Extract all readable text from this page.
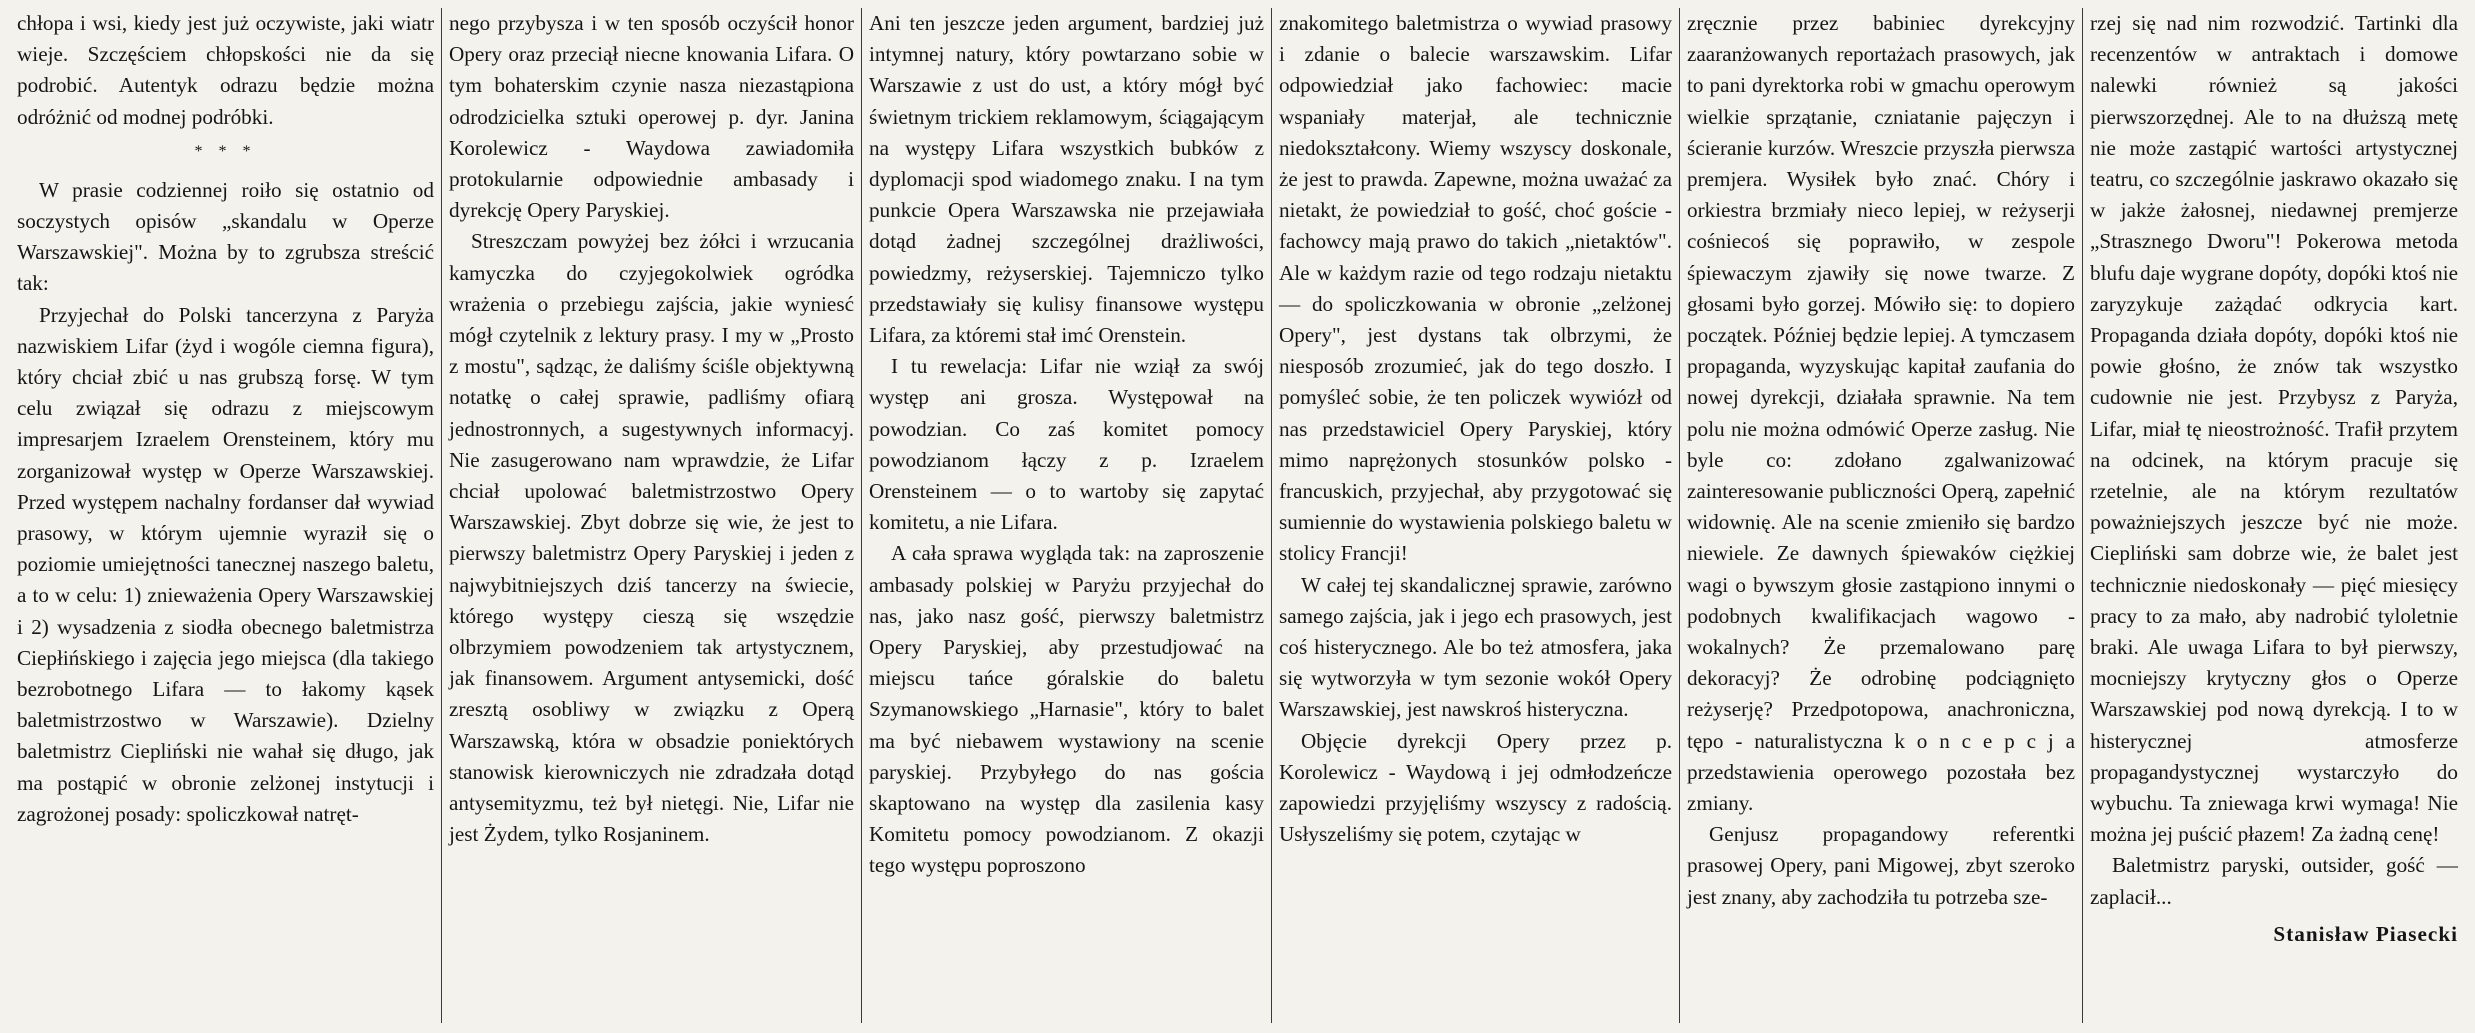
chłopa i wsi, kiedy jest już oczywiste, jaki wiatr wieje. Szczęściem chłopskości nie da się podrobić. Autentyk odrazu będzie można odróżnić od modnej podróbki.

* * *

W prasie codziennej roiło się ostatnio od soczystych opisów „skandalu w Operze Warszawskiej". Można by to zgrubsza streścić tak:

Przyjechał do Polski tancerzyna z Paryża nazwiskiem Lifar (żyd i wogóle ciemna figura), który chciał zbić u nas grubszą forsę. W tym celu związał się odrazu z miejscowym impresarjem Izraelem Orensteinem, który mu zorganizował występ w Operze Warszawskiej. Przed występem nachalny fordanser dał wywiad prasowy, w którym ujemnie wyraził się o poziomie umiejętności tanecznej naszego baletu, a to w celu: 1) znieważenia Opery Warszawskiej i 2) wysadzenia z siodła obecnego baletmistrza Ciepłińskiego i zajęcia jego miejsca (dla takiego bezrobotnego Lifara — to łakomy kąsek baletmistrzostwo w Warszawie). Dzielny baletmistrz Ciepliński nie wahał się długo, jak ma postąpić w obronie zelżonej instytucji i zagrożonej posady: spoliczkował natręt-

nego przybysza i w ten sposób oczyścił honor Opery oraz przeciął niecne knowania Lifara. O tym bohaterskim czynie nasza niezastąpiona odrodzicielka sztuki operowej p. dyr. Janina Korolewicz - Waydowa zawiadomiła protokularnie odpowiednie ambasady i dyrekcję Opery Paryskiej.

Streszczam powyżej bez żółci i wrzucania kamyczka do czyjegokolwiek ogródka wrażenia o przebiegu zajścia, jakie wyniesć mógł czytelnik z lektury prasy. I my w „Prosto z mostu", sądząc, że daliśmy ściśle objektywną notatkę o całej sprawie, padliśmy ofiarą jednostronnych, a sugestywnych informacyj. Nie zasugerowano nam wprawdzie, że Lifar chciał upolować baletmistrzostwo Opery Warszawskiej. Zbyt dobrze się wie, że jest to pierwszy baletmistrz Opery Paryskiej i jeden z najwybitniejszych dziś tancerzy na świecie, którego występy cieszą się wszędzie olbrzymiem powodzeniem tak artystycznem, jak finansowem. Argument antysemicki, dość zresztą osobliwy w związku z Operą Warszawską, która w obsadzie poniektórych stanowisk kierowniczych nie zdradzała dotąd antysemityzmu, też był nietęgi. Nie, Lifar nie jest Żydem, tylko Rosjaninem.

Ani ten jeszcze jeden argument, bardziej już intymnej natury, który powtarzano sobie w Warszawie z ust do ust, a który mógł być świetnym trickiem reklamowym, ściągającym na występy Lifara wszystkich bubków z dyplomacji spod wiadomego znaku. I na tym punkcie Opera Warszawska nie przejawiała dotąd żadnej szczególnej drażliwości, powiedzmy, reżyserskiej. Tajemniczo tylko przedstawiały się kulisy finansowe występu Lifara, za któremi stał imć Orenstein.

I tu rewelacja: Lifar nie wziął za swój występ ani grosza. Występował na powodzian. Co zaś komitet pomocy powodzianom łączy z p. Izraelem Orensteinem — o to wartoby się zapytać komitetu, a nie Lifara.

A cała sprawa wygląda tak: na zaproszenie ambasady polskiej w Paryżu przyjechał do nas, jako nasz gość, pierwszy baletmistrz Opery Paryskiej, aby przestudjować na miejscu tańce góralskie do baletu Szymanowskiego „Harnasie", który to balet ma być niebawem wystawiony na scenie paryskiej. Przybyłego do nas gościa skaptowano na występ dla zasilenia kasy Komitetu pomocy powodzianom. Z okazji tego występu poproszono

znakomitego baletmistrza o wywiad prasowy i zdanie o balecie warszawskim. Lifar odpowiedział jako fachowiec: macie wspaniały materjał, ale technicznie niedokształcony. Wiemy wszyscy doskonale, że jest to prawda. Zapewne, można uważać za nietakt, że powiedział to gość, choć goście - fachowcy mają prawo do takich „nietaktów". Ale w każdym razie od tego rodzaju nietaktu — do spoliczkowania w obronie „zelżonej Opery", jest dystans tak olbrzymi, że niesposób zrozumieć, jak do tego doszło. I pomyśleć sobie, że ten policzek wywiózł od nas przedstawiciel Opery Paryskiej, który mimo naprężonych stosunków polsko - francuskich, przyjechał, aby przygotować się sumiennie do wystawienia polskiego baletu w stolicy Francji!

W całej tej skandalicznej sprawie, zarówno samego zajścia, jak i jego ech prasowych, jest coś histerycznego. Ale bo też atmosfera, jaka się wytworzyła w tym sezonie wokół Opery Warszawskiej, jest nawskroś histeryczna.

Objęcie dyrekcji Opery przez p. Korolewicz - Waydową i jej odmłodzeńcze zapowiedzi przyjęliśmy wszyscy z radością. Usłyszeliśmy się potem, czytając w

zręcznie przez babiniec dyrekcyjny zaaranżowanych reportażach prasowych, jak to pani dyrektorka robi w gmachu operowym wielkie sprzątanie, czniatanie pajęczyn i ścieranie kurzów. Wreszcie przyszła pierwsza premjera. Wysiłek było znać. Chóry i orkiestra brzmiały nieco lepiej, w reżyserji cośniecoś się poprawiło, w zespole śpiewaczym zjawiły się nowe twarze. Z głosami było gorzej. Mówiło się: to dopiero początek. Później będzie lepiej. A tymczasem propaganda, wyzyskując kapitał zaufania do nowej dyrekcji, działała sprawnie. Na tem polu nie można odmówić Operze zasług. Nie byle co: zdołano zgalwanizować zainteresowanie publiczności Operą, zapełnić widownię. Ale na scenie zmieniło się bardzo niewiele. Ze dawnych śpiewaków ciężkiej wagi o bywszym głosie zastąpiono innymi o podobnych kwalifikacjach wagowo - wokalnych? Że przemalowano parę dekoracyj? Że odrobinę podciągnięto reżyserję? Przedpotopowa, anachroniczna, tępo - naturalistyczna k o n c e p c j a przedstawienia operowego pozostała bez zmiany.

Genjusz propagandowy referentki prasowej Opery, pani Migowej, zbyt szeroko jest znany, aby zachodziła tu potrzeba sze-

rzej się nad nim rozwodzić. Tartinki dla recenzentów w antraktach i domowe nalewki również są jakości pierwszorzędnej. Ale to na dłuższą metę nie może zastąpić wartości artystycznej teatru, co szczególnie jaskrawo okazało się w jakże żałosnej, niedawnej premjerze „Strasznego Dworu"! Pokerowa metoda blufu daje wygrane dopóty, dopóki ktoś nie zaryzykuje zażądać odkrycia kart. Propaganda działa dopóty, dopóki ktoś nie powie głośno, że znów tak wszystko cudownie nie jest. Przybysz z Paryża, Lifar, miał tę nieostrożność. Trafił przytem na odcinek, na którym pracuje się rzetelnie, ale na którym rezultatów poważniejszych jeszcze być nie może. Ciepliński sam dobrze wie, że balet jest technicznie niedoskonały — pięć miesięcy pracy to za mało, aby nadrobić tyloletnie braki. Ale uwaga Lifara to był pierwszy, mocniejszy krytyczny głos o Operze Warszawskiej pod nową dyrekcją. I to w histerycznej atmosferze propagandystycznej wystarczyło do wybuchu. Ta zniewaga krwi wymaga! Nie można jej puścić płazem! Za żadną cenę!

Baletmistrz paryski, outsider, gość — zaplacił...

Stanisław Piasecki
